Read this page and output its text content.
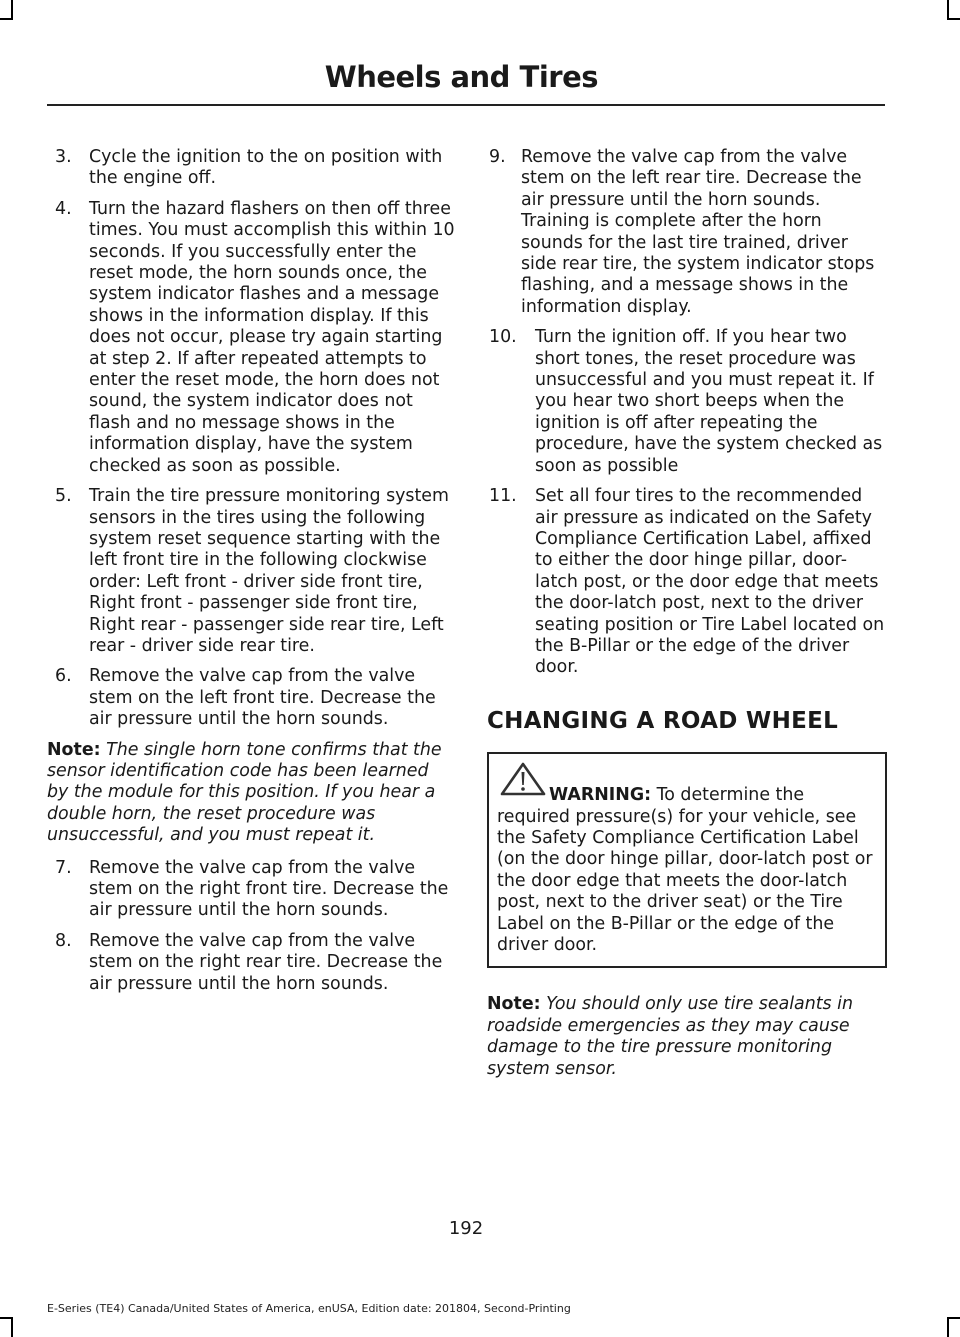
Wheels and Tires
3. Cycle the ignition to the on position with the engine off.
4. Turn the hazard flashers on then off three times. You must accomplish this within 10 seconds. If you successfully enter the reset mode, the horn sounds once, the system indicator flashes and a message shows in the information display. If this does not occur, please try again starting at step 2. If after repeated attempts to enter the reset mode, the horn does not sound, the system indicator does not flash and no message shows in the information display, have the system checked as soon as possible.
5. Train the tire pressure monitoring system sensors in the tires using the following system reset sequence starting with the left front tire in the following clockwise order: Left front - driver side front tire, Right front - passenger side front tire, Right rear - passenger side rear tire, Left rear - driver side rear tire.
6. Remove the valve cap from the valve stem on the left front tire. Decrease the air pressure until the horn sounds.
Note: The single horn tone confirms that the sensor identification code has been learned by the module for this position. If you hear a double horn, the reset procedure was unsuccessful, and you must repeat it.
7. Remove the valve cap from the valve stem on the right front tire. Decrease the air pressure until the horn sounds.
8. Remove the valve cap from the valve stem on the right rear tire. Decrease the air pressure until the horn sounds.
9. Remove the valve cap from the valve stem on the left rear tire. Decrease the air pressure until the horn sounds. Training is complete after the horn sounds for the last tire trained, driver side rear tire, the system indicator stops flashing, and a message shows in the information display.
10. Turn the ignition off. If you hear two short tones, the reset procedure was unsuccessful and you must repeat it. If you hear two short beeps when the ignition is off after repeating the procedure, have the system checked as soon as possible
11. Set all four tires to the recommended air pressure as indicated on the Safety Compliance Certification Label, affixed to either the door hinge pillar, door-latch post, or the door edge that meets the door-latch post, next to the driver seating position or Tire Label located on the B-Pillar or the edge of the driver door.
CHANGING A ROAD WHEEL
WARNING: To determine the required pressure(s) for your vehicle, see the Safety Compliance Certification Label (on the door hinge pillar, door-latch post or the door edge that meets the door-latch post, next to the driver seat) or the Tire Label on the B-Pillar or the edge of the driver door.
Note: You should only use tire sealants in roadside emergencies as they may cause damage to the tire pressure monitoring system sensor.
192
E-Series (TE4) Canada/United States of America, enUSA, Edition date: 201804, Second-Printing
